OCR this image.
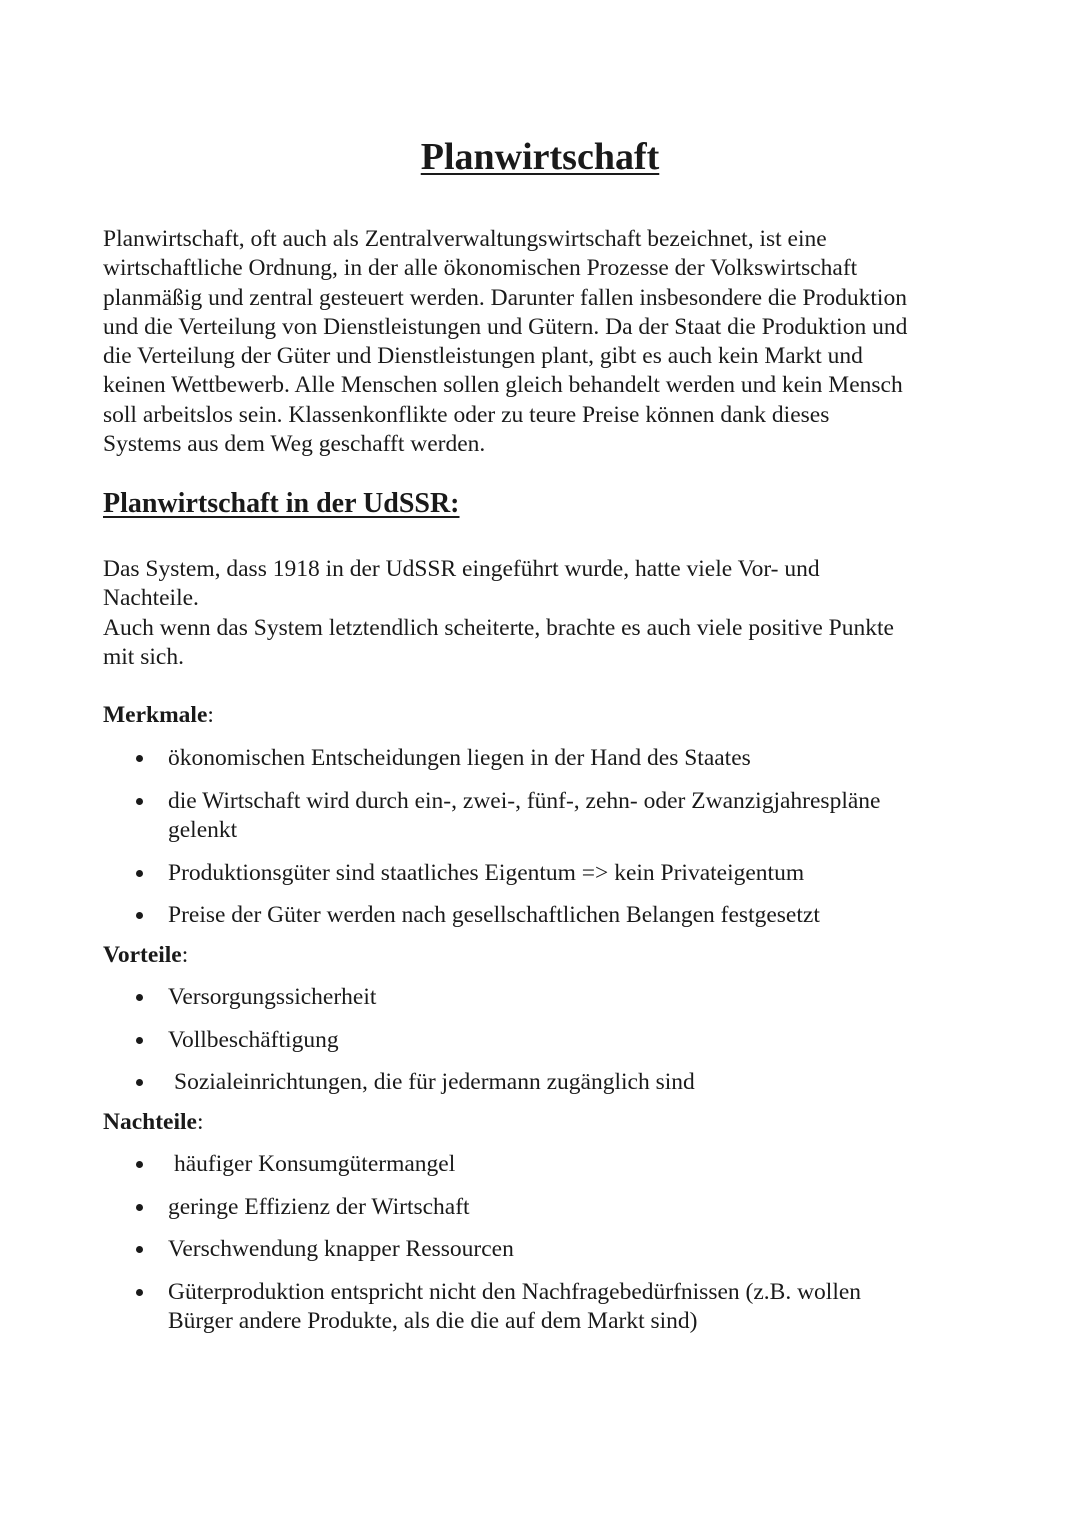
Planwirtschaft

Planwirtschaft, oft auch als Zentralverwaltungswirtschaft bezeichnet, ist eine
wirtschaftliche Ordnung, in der alle ökonomischen Prozesse der Volkswirtschaft
planmäßig und zentral gesteuert werden. Darunter fallen insbesondere die Produktion
und die Verteilung von Dienstleistungen und Gütern. Da der Staat die Produktion und
die Verteilung der Güter und Dienstleistungen plant, gibt es auch kein Markt und
keinen Wettbewerb. Alle Menschen sollen gleich behandelt werden und kein Mensch
soll arbeitslos sein. Klassenkonflikte oder zu teure Preise können dank dieses
Systems aus dem Weg geschafft werden.

Planwirtschaft in der UdSSR:

Das System, dass 1918 in der UdSSR eingeführt wurde, hatte viele Vor- und
Nachteile.
Auch wenn das System letztendlich scheiterte, brachte es auch viele positive Punkte
mit sich.

Merkmale:

ökonomischen Entscheidungen liegen in der Hand des Staates
die Wirtschaft wird durch ein-, zwei-, fünf-, zehn- oder Zwanzigjahrespläne
gelenkt
Produktionsgüter sind staatliches Eigentum => kein Privateigentum
Preise der Güter werden nach gesellschaftlichen Belangen festgesetzt

Vorteile:

Versorgungssicherheit
Vollbeschäftigung
Sozialeinrichtungen, die für jedermann zugänglich sind

Nachteile:

häufiger Konsumgütermangel
geringe Effizienz der Wirtschaft
Verschwendung knapper Ressourcen
Güterproduktion entspricht nicht den Nachfragebedürfnissen (z.B. wollen
Bürger andere Produkte, als die die auf dem Markt sind)
